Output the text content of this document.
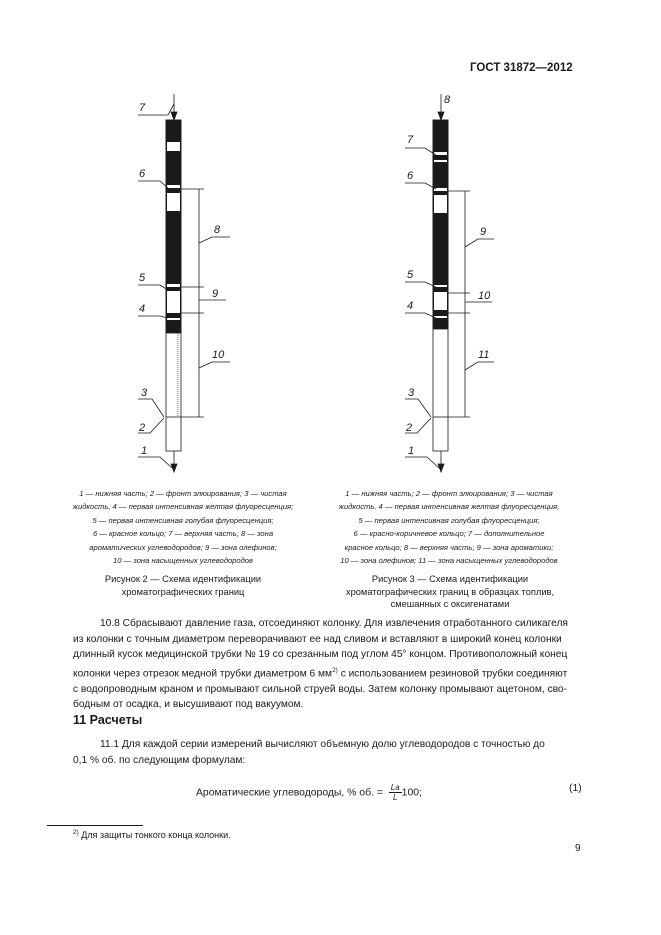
ГОСТ 31872—2012
7
6
8
5
9
4
10
3
2
1
8
7
6
9
5
10
4
11
3
2
1
1 — нижняя часть; 2 — фронт элюирования; 3 — чистая
жидкость, 4 — первая интенсивная желтая флуоресценция;
5 — первая интенсивная голубая флуоресценция;
6 — красное кольцо; 7 — верхняя часть; 8 — зона
ароматических углеводородов; 9 — зона олефинов;
10 — зона насыщенных углеводородов
Рисунок 2 — Схема идентификации
хроматографических границ
1 — нижняя часть; 2 — фронт элюирования; 3 — чистая
жидкость, 4 — первая интенсивная желтая флуоресценция,
5 — первая интенсивная голубая флуоресценция;
6 — красно-коричневое кольцо; 7 — дополнительное
красное кольцо; 8 — верхняя часть; 9 — зона ароматики;
10 — зона олефинов; 11 — зона насыщенных углеводородов
Рисунок 3 — Схема идентификации
хроматографических границ в образцах топлив,
смешанных с оксигенатами
10.8 Сбрасывают давление газа, отсоединяют колонку. Для извлечения отработанного силикагеля
из колонки с точным диаметром переворачивают ее над сливом и вставляют в широкий конец колонки
длинный кусок медицинской трубки № 19 со срезанным под углом 45° концом. Противоположный конец
колонки через отрезок медной трубки диаметром 6 $мм^{2)}$ с использованием резиновой трубки соединяют
с водопроводным краном и промывают сильной струей воды. Затем колонку промывают ацетоном, сво-
бодным от осадка, и высушивают под вакуумом.
11 Расчеты
11.1 Для каждой серии измерений вычисляют объемную долю углеводородов с точностью до
0,1 % об. по следующим формулам:
Ароматические углеводороды, % об. = $\frac{La}{L}100$;	(1)
$^{2)}$ Для защиты тонкого конца колонки.
9
